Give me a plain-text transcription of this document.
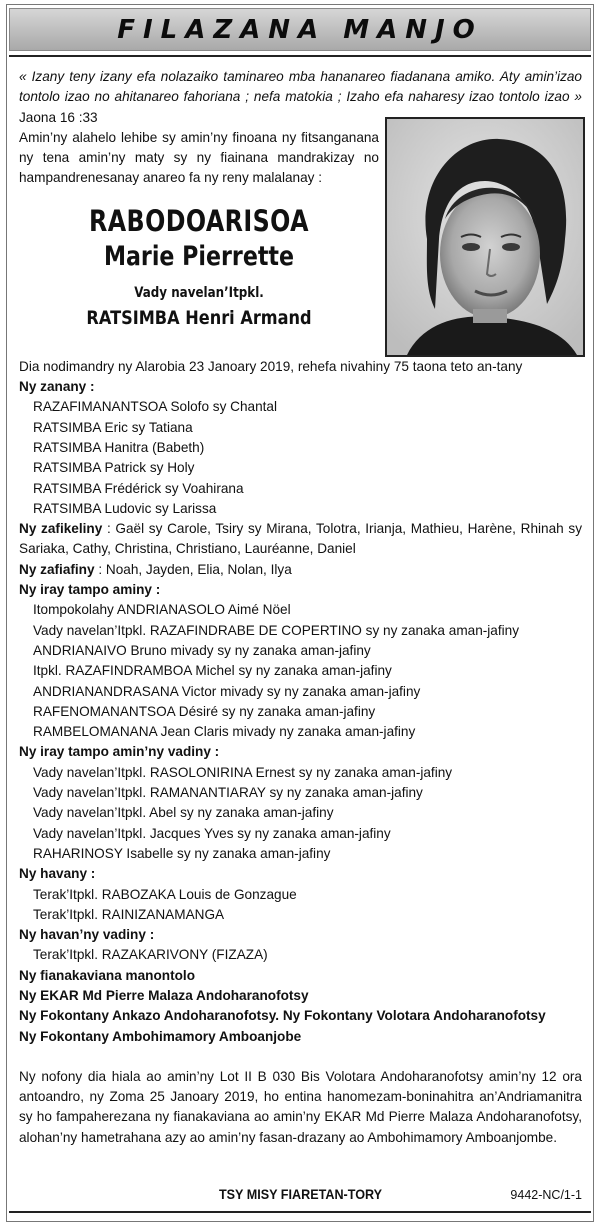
FILAZANA MANJO

« Izany teny izany efa nolazaiko taminareo mba hananareo fiadanana amiko. Aty amin’izao tontolo izao no ahitanareo fahoriana ; nefa matokia ; Izaho efa naharesy izao tontolo izao » Jaona 16 :33

Amin’ny alahelo lehibe sy amin’ny finoana ny fitsanganana ny tena amin’ny maty sy ny fiainana mandrakizay no hampandrenesanay anareo fa ny reny malalanay :

RABODOARISOA
Marie Pierrette
Vady navelan’Itpkl.
RATSIMBA Henri Armand

Dia nodimandry ny Alarobia 23 Janoary 2019, rehefa nivahiny 75 taona teto an-tany

Ny zanany :

RAZAFIMANANTSOA Solofo sy Chantal

RATSIMBA Eric sy Tatiana

RATSIMBA Hanitra (Babeth)

RATSIMBA Patrick sy Holy

RATSIMBA Frédérick sy Voahirana

RATSIMBA Ludovic sy Larissa

Ny zafikeliny : Gaël sy Carole, Tsiry sy Mirana, Tolotra, Irianja, Mathieu, Harène, Rhinah sy Sariaka, Cathy, Christina, Christiano, Lauréanne, Daniel

Ny zafiafiny : Noah, Jayden, Elia, Nolan, Ilya

Ny iray tampo aminy :

Itompokolahy ANDRIANASOLO Aimé Nöel

Vady navelan’Itpkl. RAZAFINDRABE DE COPERTINO sy ny zanaka aman-jafiny

ANDRIANAIVO Bruno mivady sy ny zanaka aman-jafiny

Itpkl. RAZAFINDRAMBOA Michel sy ny zanaka aman-jafiny

ANDRIANANDRASANA Victor mivady sy ny zanaka aman-jafiny

RAFENOMANANTSOA Désiré sy ny zanaka aman-jafiny

RAMBELOMANANA Jean Claris mivady ny zanaka aman-jafiny

Ny iray tampo amin’ny vadiny :

Vady navelan’Itpkl. RASOLONIRINA Ernest sy ny zanaka aman-jafiny

Vady navelan’Itpkl. RAMANANTIARAY sy ny zanaka aman-jafiny

Vady navelan’Itpkl. Abel sy ny zanaka aman-jafiny

Vady navelan’Itpkl. Jacques Yves sy ny zanaka aman-jafiny

RAHARINOSY Isabelle sy ny zanaka aman-jafiny

Ny havany :

Terak’Itpkl. RABOZAKA Louis de Gonzague

Terak’Itpkl. RAINIZANAMANGA

Ny havan’ny vadiny :

Terak’Itpkl. RAZAKARIVONY (FIZAZA)

Ny fianakaviana manontolo

Ny EKAR Md Pierre Malaza Andoharanofotsy

Ny Fokontany Ankazo Andoharanofotsy. Ny Fokontany Volotara Andoharanofotsy

Ny Fokontany Ambohimamory Amboanjobe

Ny nofony dia hiala ao amin’ny Lot II B 030 Bis Volotara Andoharanofotsy amin’ny 12 ora antoandro, ny Zoma 25 Janoary 2019, ho entina hanomezam-boninahitra an’Andriamanitra sy ho fampaherezana ny fianakaviana ao amin’ny EKAR Md Pierre Malaza Andoharanofotsy, alohan’ny hametrahana azy ao amin’ny fasan-drazany ao Ambohimamory Amboanjombe.

TSY MISY FIARETAN-TORY	9442-NC/1-1
